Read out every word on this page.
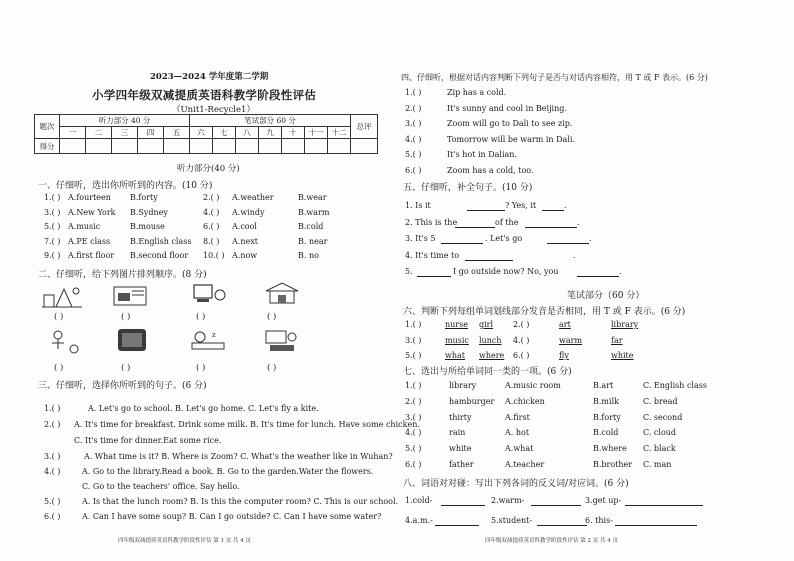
2023—2024 学年度第二学期
小学四年级双减提质英语科教学阶段性评估
（Unit1-Recycle1）
题次	听力部分 40 分					笔试部分 60 分							总评
	一	二	三	四	五	六	七	八	九	十	十一	十二	
得分													
听力部分(40 分)
一、仔细听，选出你所听到的内容。(10 分)
1.( ) A.fourteen B.forty	2.( ) A.weather	B.wear
3.( ) A.New York B.Sydney	4.( ) A.windy	B.warm
5.( ) A.music	B.mouse	6.( ) A.cool	B.cold
7.( ) A.PE class B.English class 8.( ) A.next	B. near
9.( ) A.first floor B.second floor 10.( ) A.now	B. no
二、仔细听，给下列图片排列顺序。(8 分)
( )	( )	( )	( )
z
( )	( )	( )	( )
三、仔细听，选择你所听到的句子。(6 分)
1.( )	A. Let's go to school. B. Let's go home. C. Let's fly a kite.
2.( ) A. It's time for breakfast. Drink some milk. B. It's time for lunch. Have some chicken.
C. It's time for dinner.Eat some rice.
3.( )	A. What time is it? B. Where is Zoom? C. What's the weather like in Wuhan?
4.( )	A. Go to the library.Read a book. B. Go to the garden.Water the flowers.
C. Go to the teachers' office. Say hello.
5.( )	A. Is that the lunch room? B. Is this the computer room? C. This is our school.
6.( )	A. Can I have some soup? B. Can I go outside? C. Can I have some water?
四年级双减提质英语科教学阶段性评估 第 1 页 共 4 页
四、仔细听，根据对话内容判断下列句子是否与对话内容相符，用 T 或 F 表示。(6 分)
1.( )	Zip has a cold.
2.( )	It's sunny and cool in Beijing.
3.( )	Zoom will go to Dali to see zip.
4.( )	Tomorrow will be warm in Dali.
5.( )	It's hot in Dalian.
6.( )	Zoom has a cold, too.
五、仔细听，补全句子。(10 分)
1. Is it	? Yes, it	.
2. This is the	of the	.
3. It's 5	. Let's go	.
4. It's time to	.
5.	I go outside now? No, you	.
笔试部分（60 分）
六、判断下列每组单词划线部分发音是否相同，用 T 或 F 表示。(6 分)
1.( )	nurse girl 2.( )	art	library
3.( )	music lunch 4.( )	warm	far
5.( )	what where 6.( )	fly	white
七、选出与所给单词同一类的一项。(6 分)
1.( )	library	A.music room	B.art	C. English class
2.( )	hamburger A.chicken	B.milk	C. bread
3.( )	thirty	A.first	B.forty	C. second
4.( )	rain	A. hot	B.cold	C. cloud
5.( )	white	A.what	B.where C. black
6.( )	father	A.teacher	B.brother C. man
八、词语对对碰：写出下列各词的反义词/对应词。(6 分)
1.cold-	2.warm-	3.get up-
4.a.m.-	5.student-	6. this-
四年级双减提质英语科教学阶段性评估 第 2 页 共 4 页
